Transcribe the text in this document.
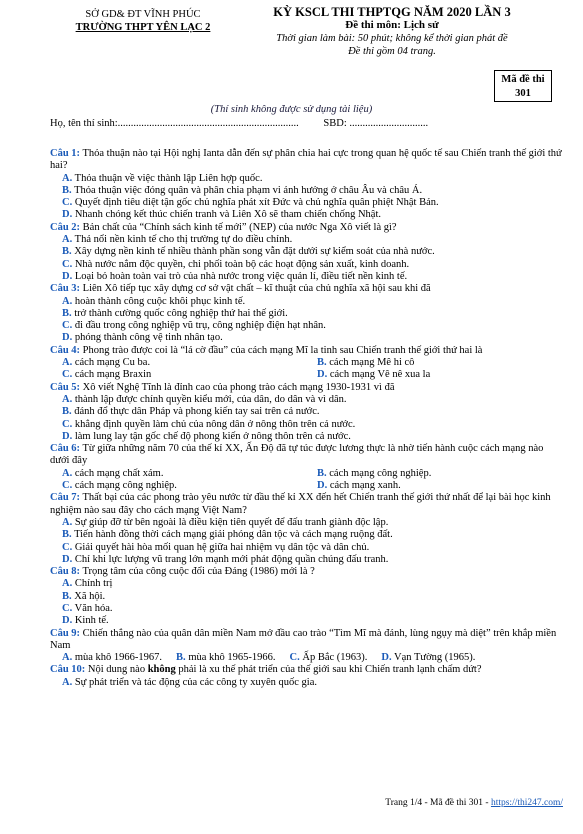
SỞ GD& ĐT VĨNH PHÚC
TRƯỜNG THPT YÊN LẠC 2
KỲ KSCL THI THPTQG NĂM 2020 LẦN 3
Đề thi môn: Lịch sử
Thời gian làm bài: 50 phút; không kể thời gian phát đề
Đề thi gồm 04 trang.
Mã đề thi
301
(Thí sinh không được sử dụng tài liệu)
Họ, tên thí sinh:..................................................................... SBD: ..............................
Câu 1: Thỏa thuận nào tại Hội nghị Ianta dẫn đến sự phân chia hai cực trong quan hệ quốc tế sau Chiến tranh thế giới thứ hai?
A. Thỏa thuận về việc thành lập Liên hợp quốc.
B. Thỏa thuận việc đóng quân và phân chia phạm vi ảnh hưởng ở châu Âu và châu Á.
C. Quyết định tiêu diệt tận gốc chủ nghĩa phát xít Đức và chủ nghĩa quân phiệt Nhật Bản.
D. Nhanh chóng kết thúc chiến tranh và Liên Xô sẽ tham chiến chống Nhật.
Câu 2: Bản chất của “Chính sách kinh tế mới” (NEP) của nước Nga Xô viết là gì?
A. Thả nổi nền kinh tế cho thị trường tự do điều chỉnh.
B. Xây dựng nền kinh tế nhiều thành phần song vẫn đặt dưới sự kiểm soát của nhà nước.
C. Nhà nước nắm độc quyền, chi phối toàn bộ các hoạt động sản xuất, kinh doanh.
D. Loại bỏ hoàn toàn vai trò của nhà nước trong việc quản lí, điều tiết nền kinh tế.
Câu 3: Liên Xô tiếp tục xây dựng cơ sở vật chất – kĩ thuật của chủ nghĩa xã hội sau khi đã
A. hoàn thành công cuộc khôi phục kinh tế.
B. trở thành cường quốc công nghiệp thứ hai thế giới.
C. đi đầu trong công nghiệp vũ trụ, công nghiệp điện hạt nhân.
D. phóng thành công vệ tinh nhân tạo.
Câu 4: Phong trào được coi là “lá cờ đầu” của cách mạng Mĩ la tinh sau Chiến tranh thế giới thứ hai là
A. cách mạng Cu ba.	B. cách mạng Mê hi cô
C. cách mạng Braxin	D. cách mạng Vê nê xua la
Câu 5: Xô viết Nghệ Tĩnh là đỉnh cao của phong trào cách mạng 1930-1931 vì đã
A. thành lập được chính quyền kiểu mới, của dân, do dân và vì dân.
B. đánh đổ thực dân Pháp và phong kiến tay sai trên cả nước.
C. khẳng định quyền làm chủ của nông dân ở nông thôn trên cả nước.
D. làm lung lay tận gốc chế độ phong kiến ở nông thôn trên cả nước.
Câu 6: Từ giữa những năm 70 của thế kỉ XX, Ấn Độ đã tự túc được lương thực là nhờ tiến hành cuộc cách mạng nào dưới đây
A. cách mạng chất xám.	B. cách mạng công nghiệp.
C. cách mạng công nghiệp.	D. cách mạng xanh.
Câu 7: Thất bại của các phong trào yêu nước từ đầu thế kỉ XX đến hết Chiến tranh thế giới thứ nhất để lại bài học kinh nghiệm nào sau đây cho cách mạng Việt Nam?
A. Sự giúp đỡ từ bên ngoài là điều kiện tiên quyết để đấu tranh giành độc lập.
B. Tiến hành đồng thời cách mạng giải phóng dân tộc và cách mạng ruộng đất.
C. Giải quyết hài hòa mối quan hệ giữa hai nhiệm vụ dân tộc và dân chủ.
D. Chỉ khi lực lượng vũ trang lớn mạnh mới phát động quần chúng đấu tranh.
Câu 8: Trọng tâm của công cuộc đổi của Đảng (1986) mới là ?
A. Chính trị
B. Xã hội.
C. Văn hóa.
D. Kinh tế.
Câu 9: Chiến thắng nào của quân dân miền Nam mở đầu cao trào “Tìm Mĩ mà đánh, lùng ngụy mà diệt” trên khắp miền Nam
A. mùa khô 1966-1967. B. mùa khô 1965-1966. C. Ấp Bắc (1963). D. Vạn Tường (1965).
Câu 10: Nội dung nào không phải là xu thế phát triển của thế giới sau khi Chiến tranh lạnh chấm dứt?
A. Sự phát triển và tác động của các công ty xuyên quốc gia.
Trang 1/4 - Mã đề thi 301 - https://thi247.com/
